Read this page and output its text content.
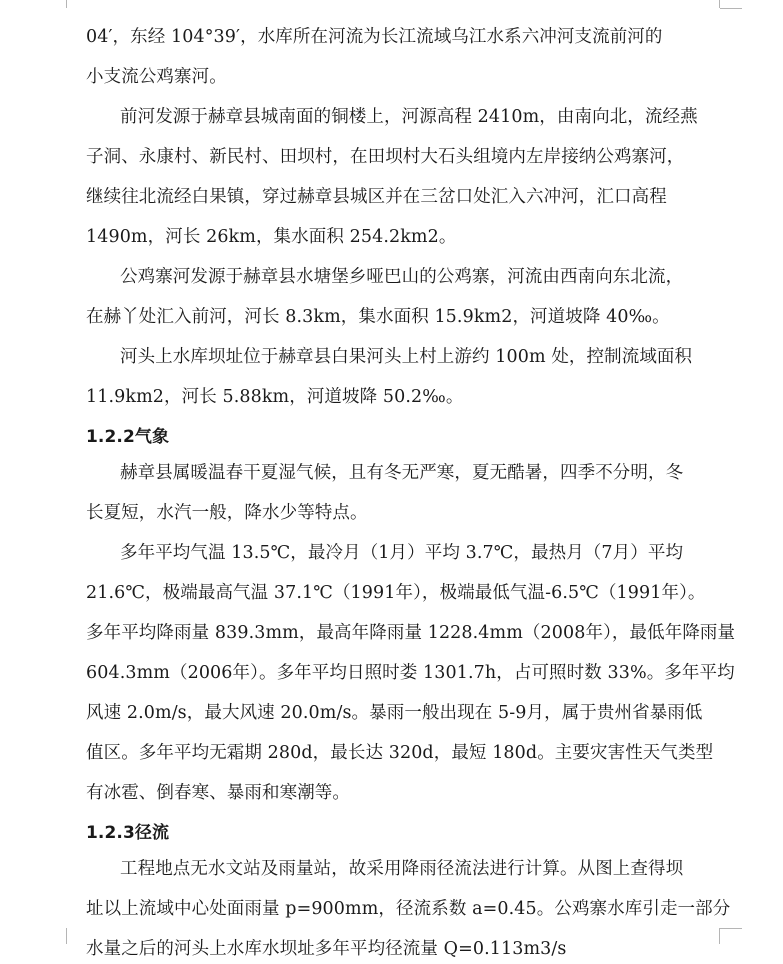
04′，东经 104°39′，水库所在河流为长江流域乌江水系六冲河支流前河的
小支流公鸡寨河。
前河发源于赫章县城南面的铜楼上，河源高程 2410m，由南向北，流经燕
子洞、永康村、新民村、田坝村，在田坝村大石头组境内左岸接纳公鸡寨河，
继续往北流经白果镇，穿过赫章县城区并在三岔口处汇入六冲河，汇口高程
1490m，河长 26km，集水面积 254.2km2。
公鸡寨河发源于赫章县水塘堡乡哑巴山的公鸡寨，河流由西南向东北流，
在赫丫处汇入前河，河长 8.3km，集水面积 15.9km2，河道坡降 40‰。
河头上水库坝址位于赫章县白果河头上村上游约 100m 处，控制流域面积
11.9km2，河长 5.88km，河道坡降 50.2‰。
1.2.2气象
赫章县属暖温春干夏湿气候，且有冬无严寒，夏无酷暑，四季不分明，冬
长夏短，水汽一般，降水少等特点。
多年平均气温 13.5℃，最冷月（1月）平均 3.7℃，最热月（7月）平均
21.6℃，极端最高气温 37.1℃（1991年），极端最低气温-6.5℃（1991年）。
多年平均降雨量 839.3mm，最高年降雨量 1228.4mm（2008年），最低年降雨量
604.3mm（2006年）。多年平均日照时娄 1301.7h，占可照时数 33%。多年平均
风速 2.0m/s，最大风速 20.0m/s。暴雨一般出现在 5-9月，属于贵州省暴雨低
值区。多年平均无霜期 280d，最长达 320d，最短 180d。主要灾害性天气类型
有冰雹、倒春寒、暴雨和寒潮等。
1.2.3径流
工程地点无水文站及雨量站，故采用降雨径流法进行计算。从图上查得坝
址以上流域中心处面雨量 p=900mm，径流系数 a=0.45。公鸡寨水库引走一部分
水量之后的河头上水库水坝址多年平均径流量 Q=0.113m3/s
